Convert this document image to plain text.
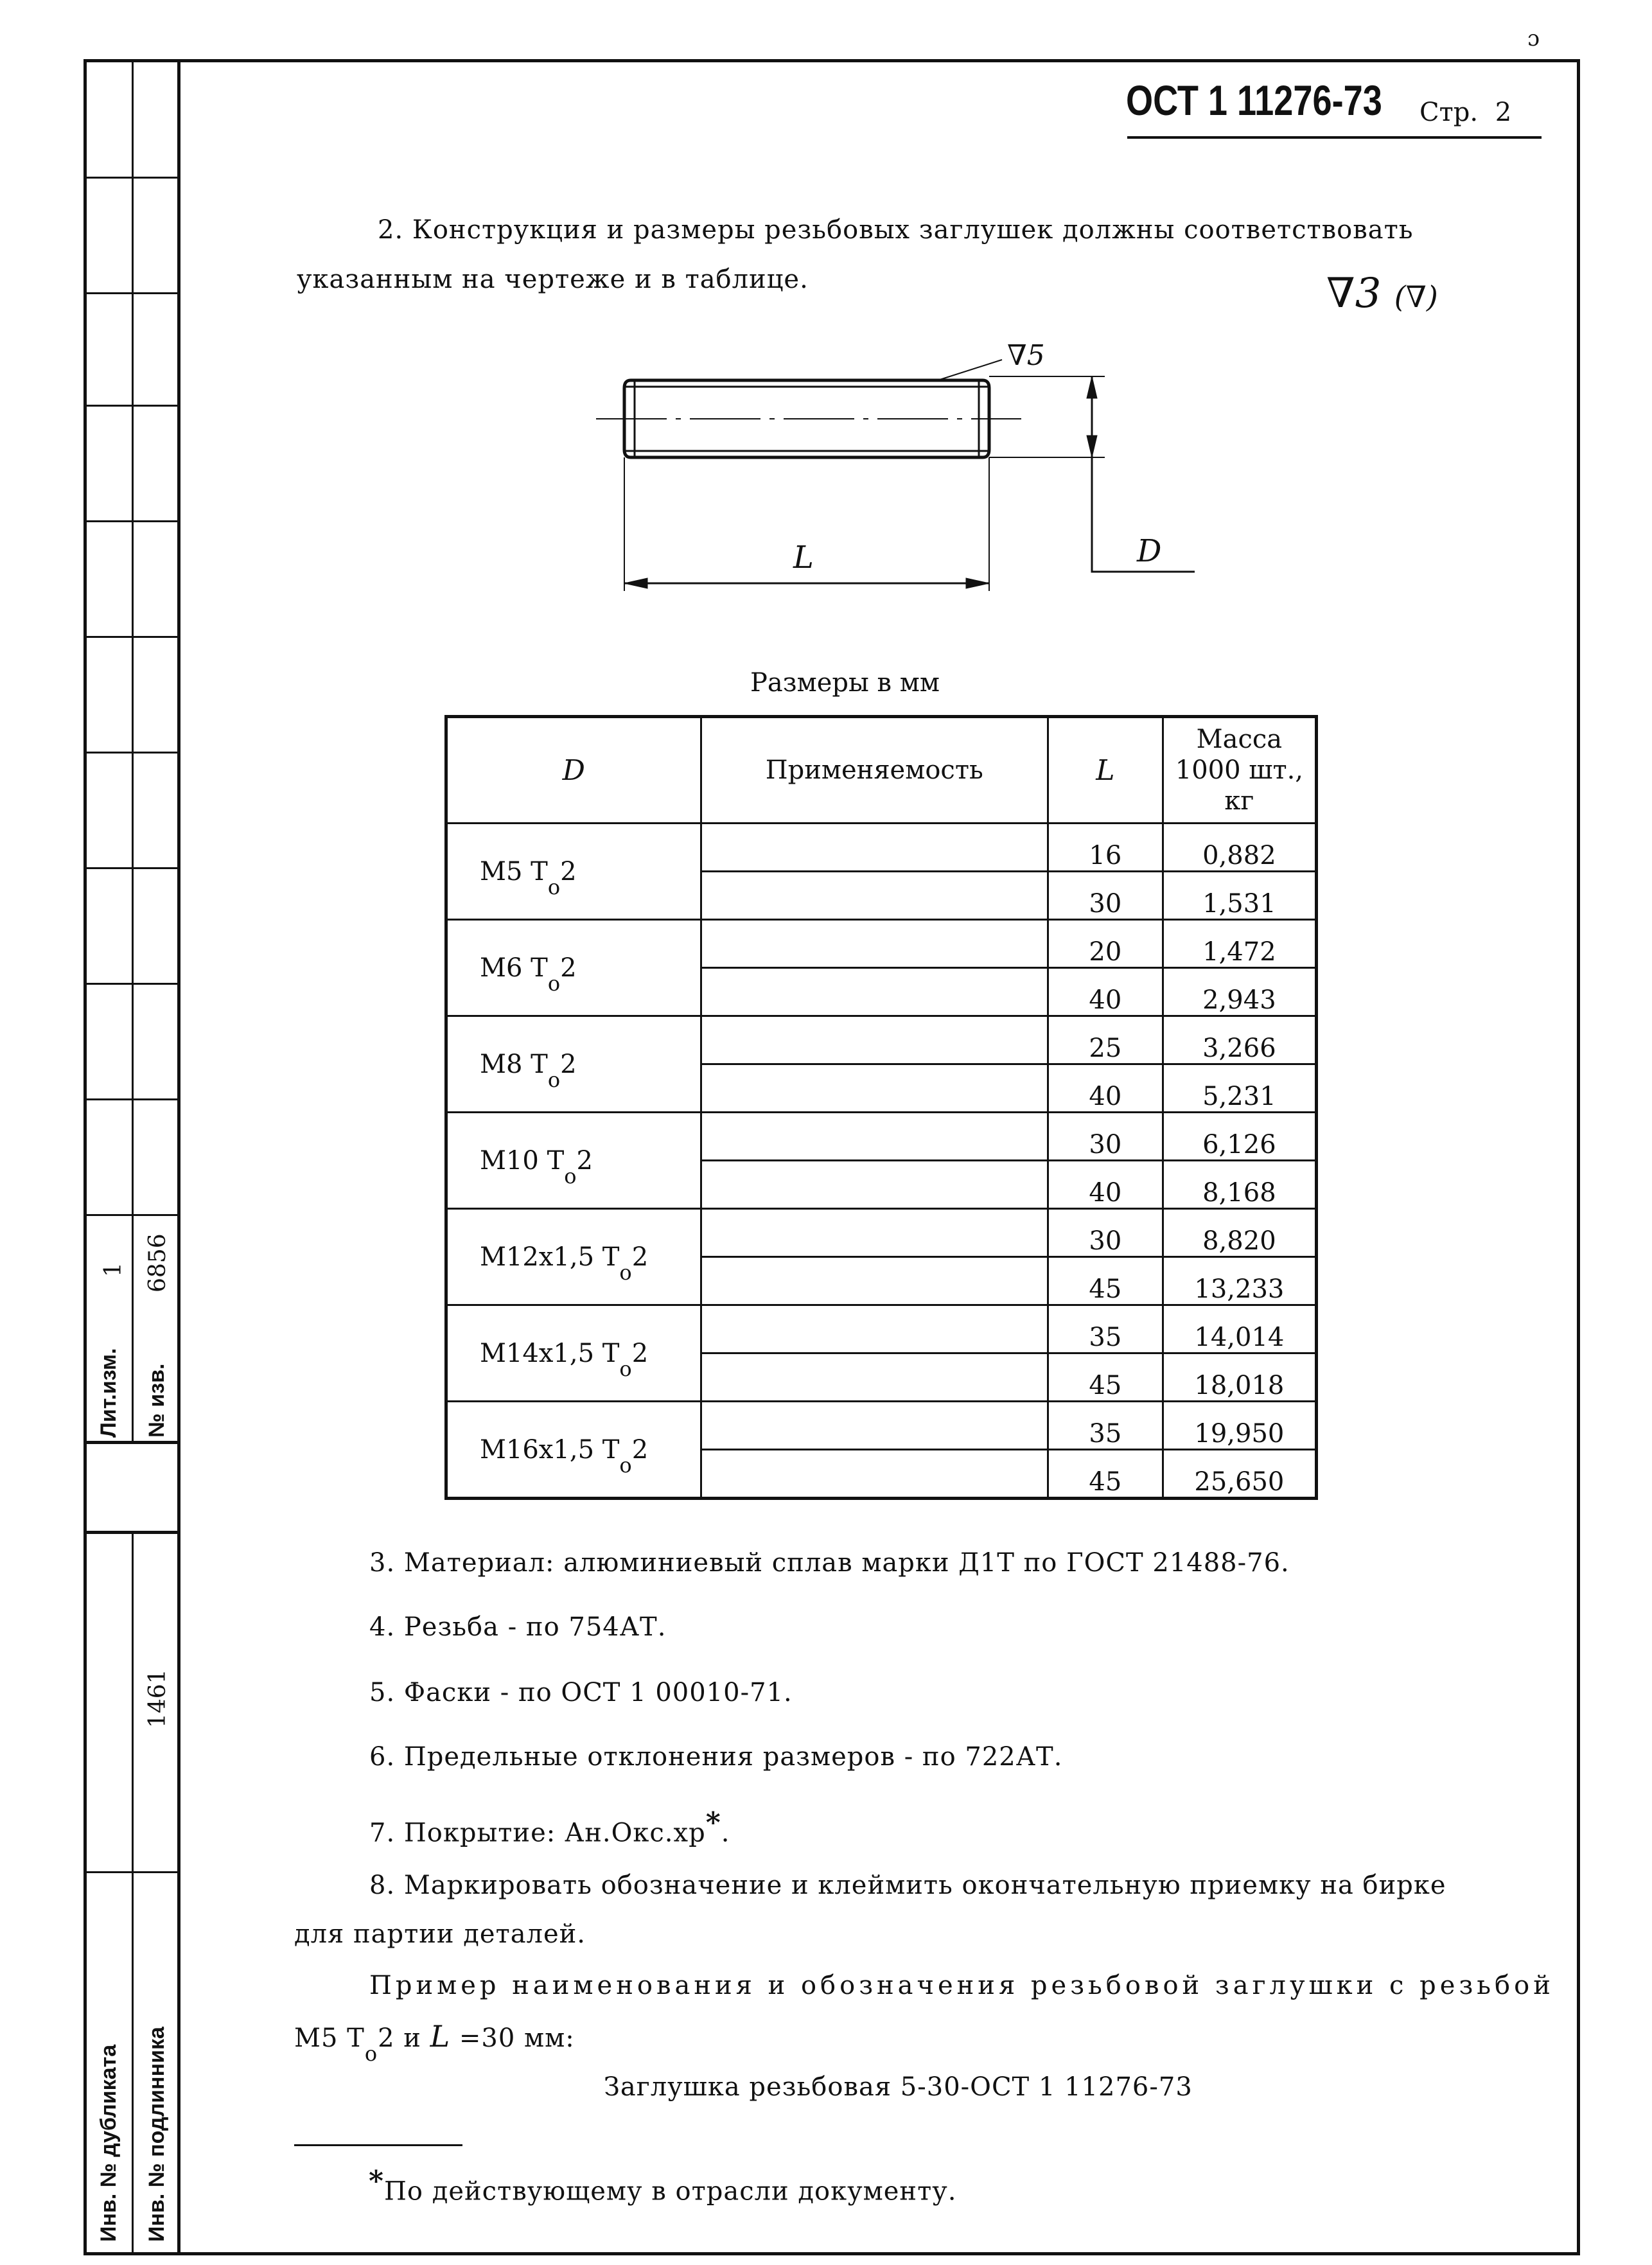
ɔ
Лит.изм.
1
№ изв.
6856
Инв. № дубликата Инв. № подлинника
1461
ОСТ 1 11276-73 Стр. 2
2. Конструкция и размеры резьбовых заглушек должны соответствовать
указанным на чертеже и в таблице.	∇3 (∇)
∇5
L	D
Размеры в мм
D	Применяемость	L	Масса
1000 шт.,
кг

M5 $T_о2$		16	0,882
		30	1,531
M6 $T_о2$		20	1,472
		40	2,943
M8 $T_о2$		25	3,266
		40	5,231
M10 $T_о2$		30	6,126
		40	8,168
M12x1,5 $T_о2$		30	8,820
		45	13,233
M14x1,5 $T_о2$		35	14,014
		45	18,018
M16x1,5 $T_о2$		35	19,950
		45	25,650
3. Материал: алюминиевый сплав марки Д1Т по ГОСТ 21488-76.
4. Резьба - по 754АТ.
5. Фаски - по ОСТ 1 00010-71.
6. Предельные отклонения размеров - по 722АТ.
7. Покрытие: Ан.Окс.хр*.
8. Маркировать обозначение и клеймить окончательную приемку на бирке
для партии деталей.
Пример наименования и обозначения резьбовой заглушки с резьбой
M5 $T_о2$ и L =30 мм:
Заглушка резьбовая 5-30-ОСТ 1 11276-73
*По действующему в отрасли документу.
